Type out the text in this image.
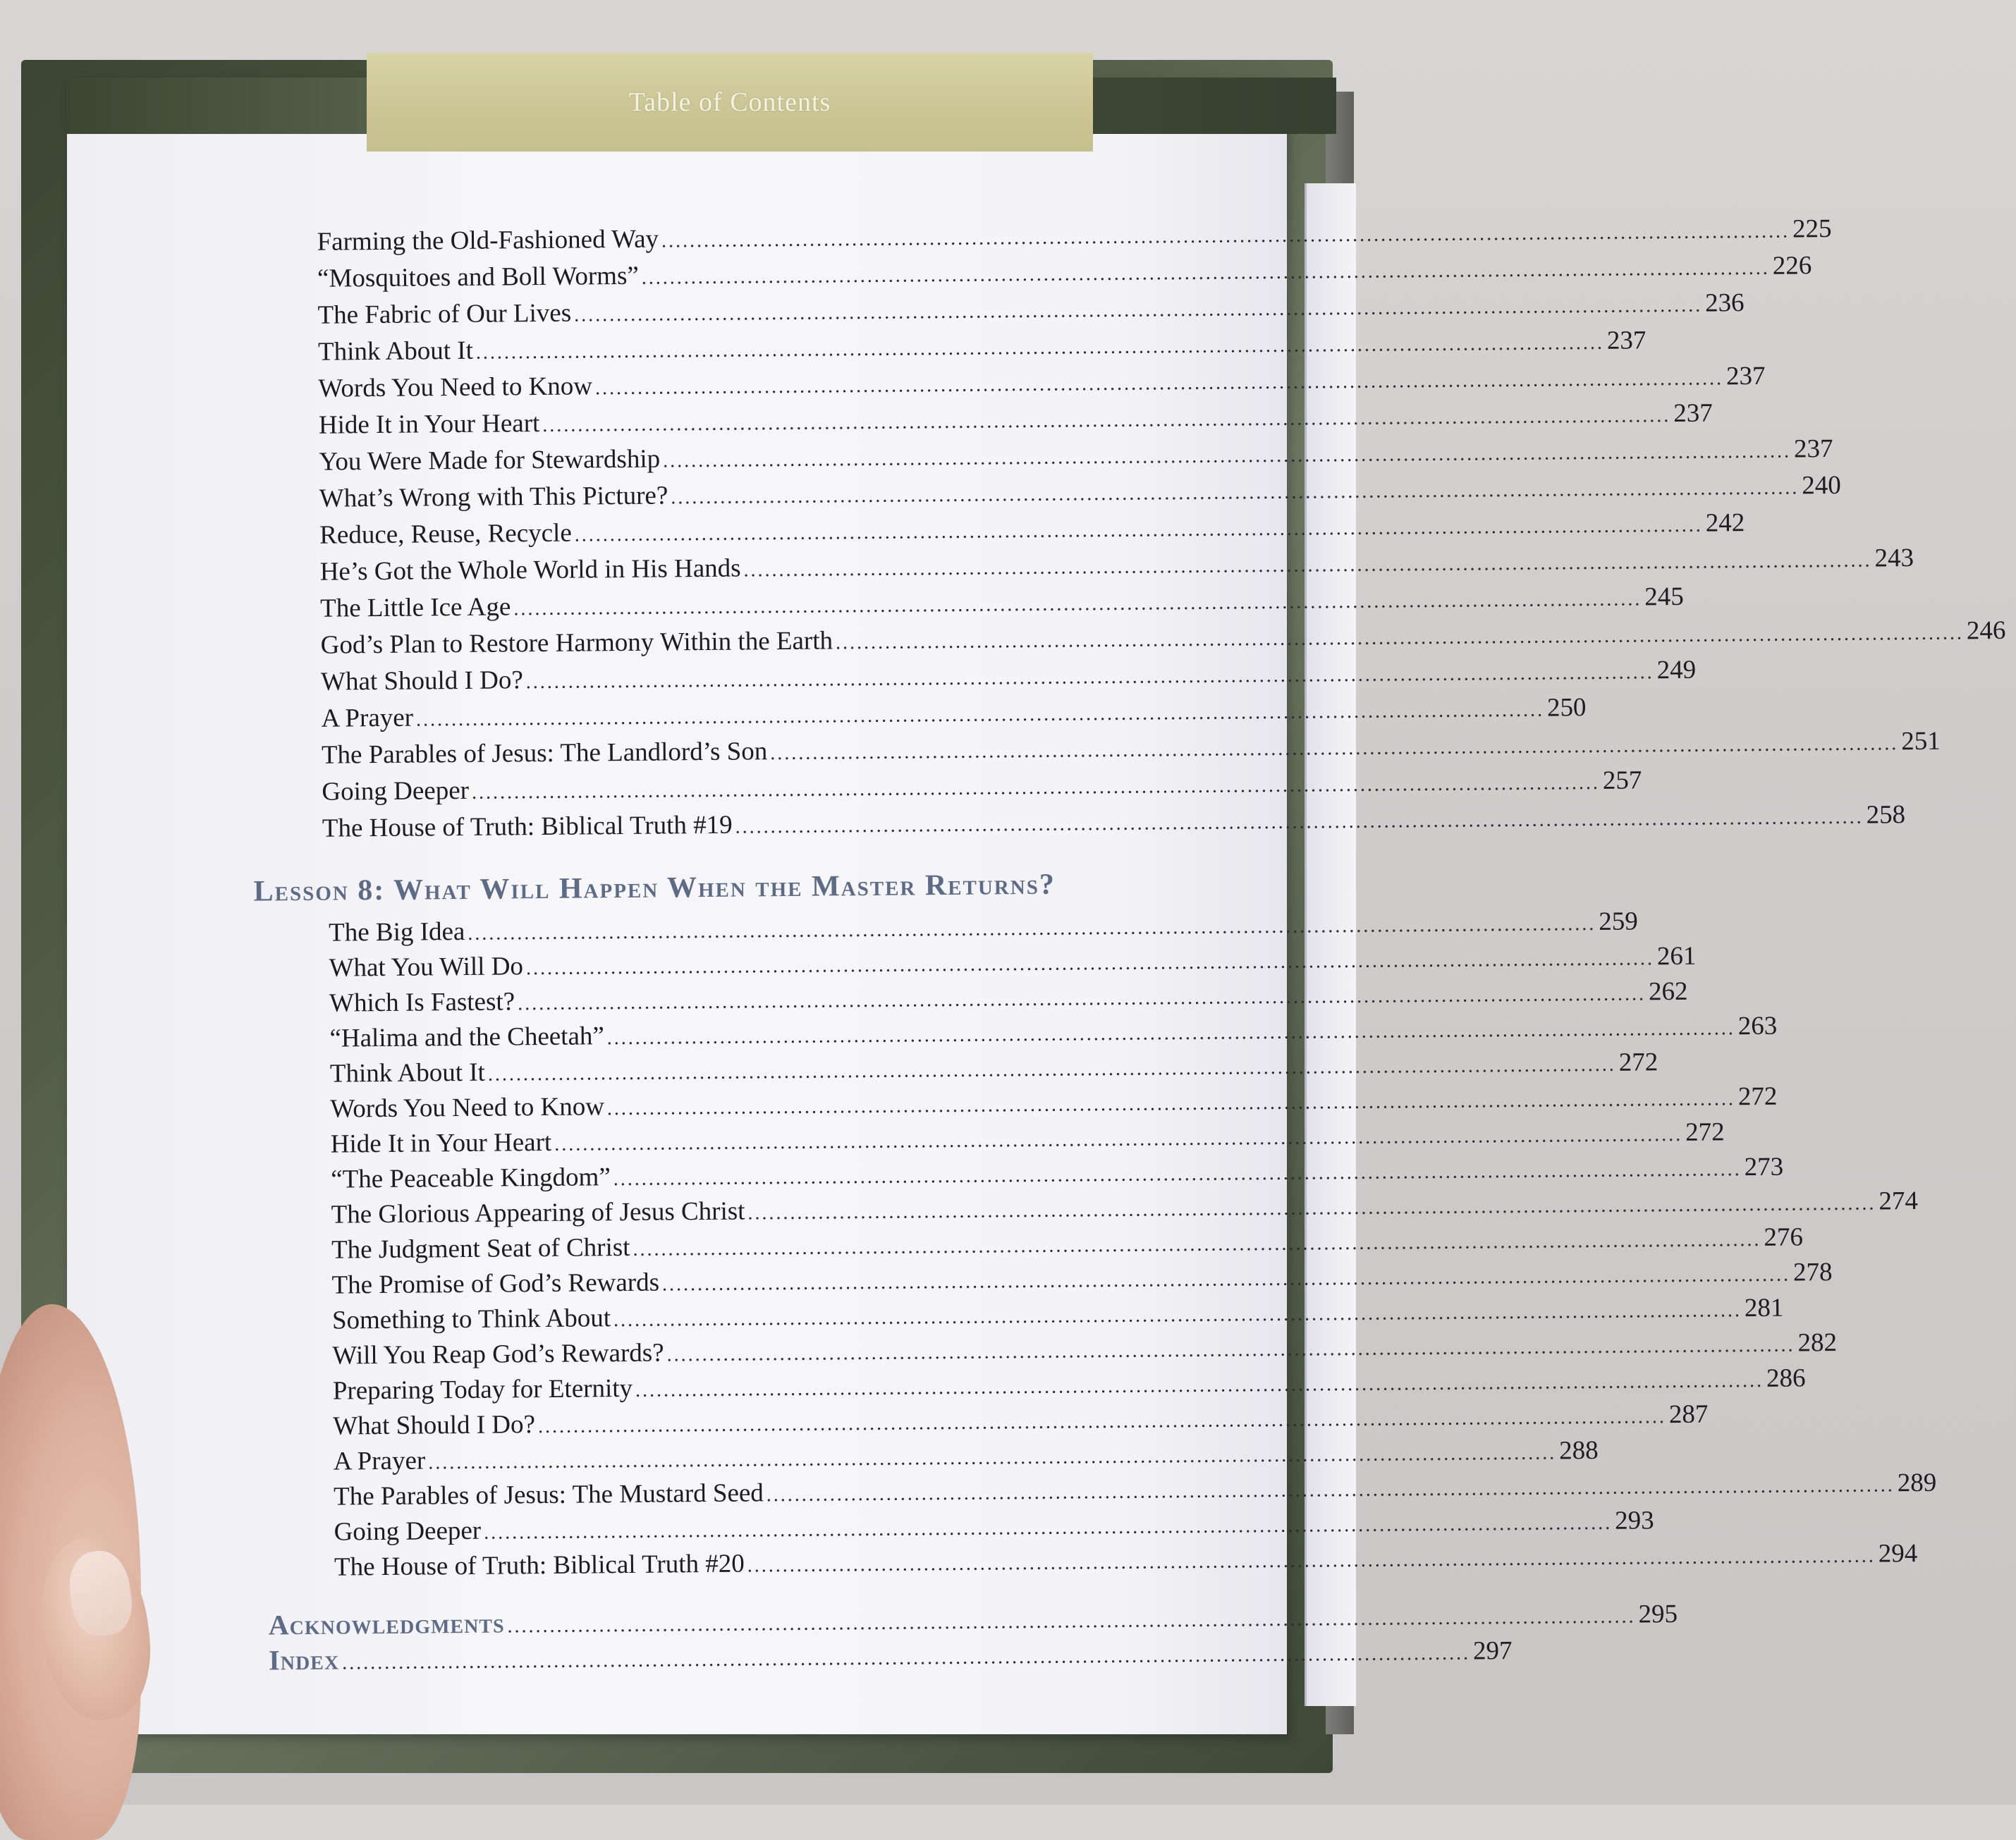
Table of Contents
Farming the Old-Fashioned Way ................................................................................................................................................................ 225
“Mosquitoes and Boll Worms” ................................................................................................................................................................ 226
The Fabric of Our Lives ................................................................................................................................................................ 236
Think About It ................................................................................................................................................................ 237
Words You Need to Know ................................................................................................................................................................ 237
Hide It in Your Heart ................................................................................................................................................................ 237
You Were Made for Stewardship ................................................................................................................................................................ 237
What’s Wrong with This Picture? ................................................................................................................................................................ 240
Reduce, Reuse, Recycle ................................................................................................................................................................ 242
He’s Got the Whole World in His Hands ................................................................................................................................................................ 243
The Little Ice Age ................................................................................................................................................................ 245
God’s Plan to Restore Harmony Within the Earth ................................................................................................................................................................ 246
What Should I Do? ................................................................................................................................................................ 249
A Prayer ................................................................................................................................................................ 250
The Parables of Jesus: The Landlord’s Son ................................................................................................................................................................ 251
Going Deeper ................................................................................................................................................................ 257
The House of Truth: Biblical Truth #19 ................................................................................................................................................................ 258
Lesson 8: What Will Happen When the Master Returns?
The Big Idea ................................................................................................................................................................ 259
What You Will Do ................................................................................................................................................................ 261
Which Is Fastest? ................................................................................................................................................................ 262
“Halima and the Cheetah” ................................................................................................................................................................ 263
Think About It ................................................................................................................................................................ 272
Words You Need to Know ................................................................................................................................................................ 272
Hide It in Your Heart ................................................................................................................................................................ 272
“The Peaceable Kingdom” ................................................................................................................................................................ 273
The Glorious Appearing of Jesus Christ ................................................................................................................................................................ 274
The Judgment Seat of Christ ................................................................................................................................................................ 276
The Promise of God’s Rewards ................................................................................................................................................................ 278
Something to Think About ................................................................................................................................................................ 281
Will You Reap God’s Rewards? ................................................................................................................................................................ 282
Preparing Today for Eternity ................................................................................................................................................................ 286
What Should I Do? ................................................................................................................................................................ 287
A Prayer ................................................................................................................................................................ 288
The Parables of Jesus: The Mustard Seed ................................................................................................................................................................ 289
Going Deeper ................................................................................................................................................................ 293
The House of Truth: Biblical Truth #20 ................................................................................................................................................................ 294
Acknowledgments ................................................................................................................................................................ 295
Index ................................................................................................................................................................ 297
